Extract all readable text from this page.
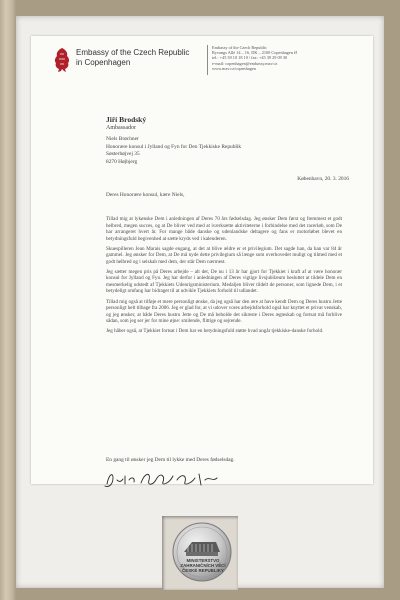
Embassy of the Czech Republic
in Copenhagen
Embassy of the Czech Republic
Ryvangs Allé 14 – 16, DK – 2100 Copenhagen Ø
tel.: +45 39 10 18 10 / fax: +45 39 29 09 30
e-mail: copenhagen@embassy.mzv.cz
www.mzv.cz/copenhagen
Jiří Brodský
Ambassador
Niels Brøchner
Honorære konsul i Jylland og Fyn for Den Tjekkiske Republik
Søsterhøjvej 35
8270 Højbjerg
København, 20. 3. 2016
Deres Honorære konsul, kære Niels,

Tillad mig at lykønske Dem i anledningen af Deres 70 års fødselsdag. Jeg ønsker Dem først og fremmest et godt helbred, megen succes, og at De bliver ved med at iværksætte aktiviteterne i forbindelse med det racerløb, som De har arrangeret hvert år. For mange både danske og udenlandske deltagere og fans er motorløbet blevet en betydningsfuld begivenhed at sætte kryds ved i kalenderen.

Skuespilleren Jean Marais sagde engang, at det at blive ældre er et privilegium. Det sagde han, da han var 84 år gammel. Jeg ønsker for Dem, at De må nyde dette privilegium så længe som overhovedet muligt og tilmed med et godt helbred og i selskab med dem, der står Dem nærmest.

Jeg sætter megen pris på Deres arbejde – alt det, De nu i 13 år har gjort for Tjekkiet i kraft af at være honorær konsul for Jylland og Fyn. Jeg har derfor i anledningen af Deres vigtige livsjubilæum besluttet at tildele Dem en mesmerkelig udstedt af Tjekkiets Udenrigsministerium. Medaljen bliver tildelt de personer, som lignede Dem, i et betydeligt omfang har bidraget til at udvikle Tjekkiets forhold til udlandet.

Tillad mig også at tilføje et mere personligt ønske, da jeg også har den ære at have kendt Dem og Deres hustru Jette personligt helt tilbage fra 2006. Jeg er glad for, at vi udover vores arbejdsforhold også har knyttet et privat venskab, og jeg ønsker, at både Deres hustru Jette og De må beholde det sikreste i Deres ægteskab og fortsat må forblive sådan, som jeg ser jer for mine øjne: smilende, flittige og sejrende.

Jeg håber også, at Tjekkiet fortsat i Dem har en betydningsfuld støtte hvad angår tjekkiske-danske forhold.

En gang til ønsker jeg Dem til lykke med Deres fødselsdag.
MINISTERSTVO
ZAHRANIČNÍCH VĚCÍ
ČESKÉ REPUBLIKY
